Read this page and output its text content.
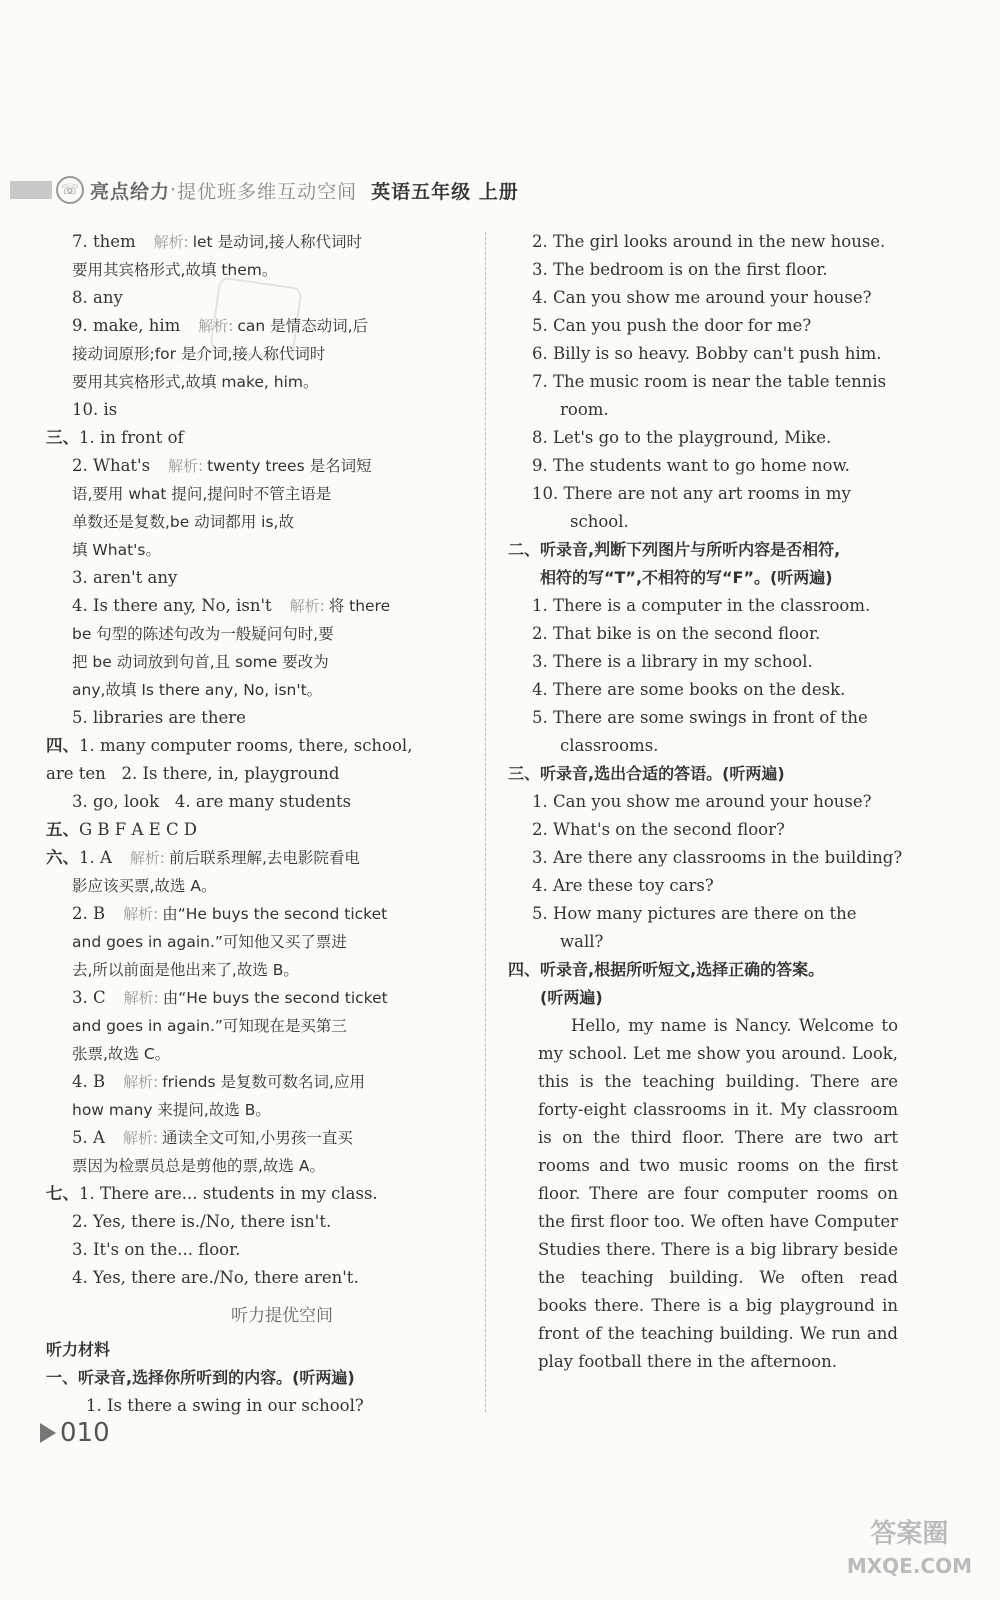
☏ 亮点给力 · 提优班多维互动空间 英语五年级 上册
7. them 解析: let 是动词,接人称代词时
要用其宾格形式,故填 them。
8. any
9. make, him 解析: can 是情态动词,后
接动词原形;for 是介词,接人称代词时
要用其宾格形式,故填 make, him。
10. is
三、1. in front of
2. What's 解析: twenty trees 是名词短
语,要用 what 提问,提问时不管主语是
单数还是复数,be 动词都用 is,故
填 What's。
3. aren't any
4. Is there any, No, isn't 解析: 将 there
be 句型的陈述句改为一般疑问句时,要
把 be 动词放到句首,且 some 要改为
any,故填 Is there any, No, isn't。
5. libraries are there
四、1. many computer rooms, there, school,
are ten 2. Is there, in, playground
3. go, look 4. are many students
五、G B F A E C D
六、1. A 解析: 前后联系理解,去电影院看电
影应该买票,故选 A。
2. B 解析: 由“He buys the second ticket
and goes in again.”可知他又买了票进
去,所以前面是他出来了,故选 B。
3. C 解析: 由“He buys the second ticket
and goes in again.”可知现在是买第三
张票,故选 C。
4. B 解析: friends 是复数可数名词,应用
how many 来提问,故选 B。
5. A 解析: 通读全文可知,小男孩一直买
票因为检票员总是剪他的票,故选 A。
七、1. There are... students in my class.
2. Yes, there is./No, there isn't.
3. It's on the... floor.
4. Yes, there are./No, there aren't.
听力提优空间
听力材料
一、听录音,选择你所听到的内容。(听两遍)
1. Is there a swing in our school?
2. The girl looks around in the new house.
3. The bedroom is on the first floor.
4. Can you show me around your house?
5. Can you push the door for me?
6. Billy is so heavy. Bobby can't push him.
7. The music room is near the table tennis
room.
8. Let's go to the playground, Mike.
9. The students want to go home now.
10. There are not any art rooms in my
school.
二、听录音,判断下列图片与所听内容是否相符,
相符的写“T”,不相符的写“F”。(听两遍)
1. There is a computer in the classroom.
2. That bike is on the second floor.
3. There is a library in my school.
4. There are some books on the desk.
5. There are some swings in front of the
classrooms.
三、听录音,选出合适的答语。(听两遍)
1. Can you show me around your house?
2. What's on the second floor?
3. Are there any classrooms in the building?
4. Are these toy cars?
5. How many pictures are there on the
wall?
四、听录音,根据所听短文,选择正确的答案。
(听两遍)
Hello, my name is Nancy. Welcome to my school. Let me show you around. Look, this is the teaching building. There are forty-eight classrooms in it. My classroom is on the third floor. There are two art rooms and two music rooms on the first floor. There are four computer rooms on the first floor too. We often have Computer Studies there. There is a big library beside the teaching building. We often read books there. There is a big playground in front of the teaching building. We run and play football there in the afternoon.
010
答案圈
MXQE.COM
